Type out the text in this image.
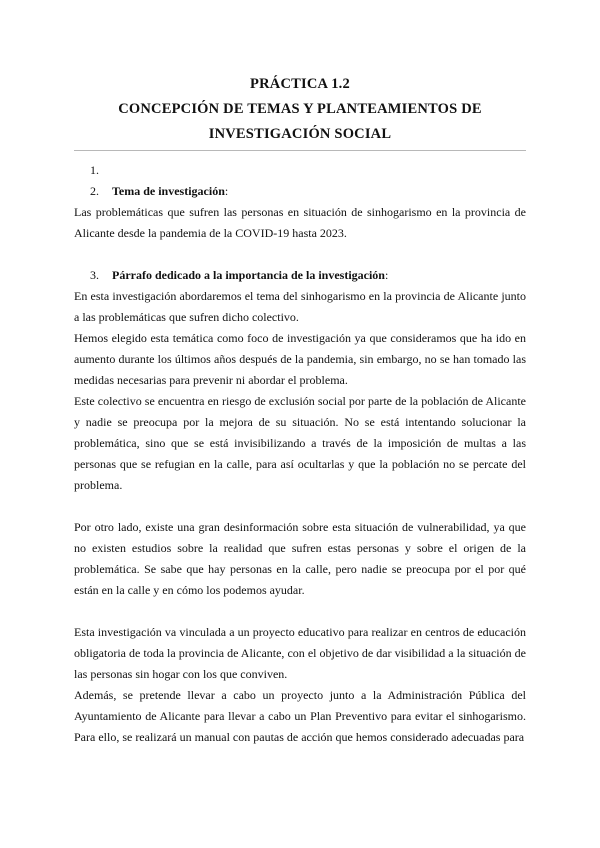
PRÁCTICA 1.2
CONCEPCIÓN DE TEMAS Y PLANTEAMIENTOS DE
INVESTIGACIÓN SOCIAL
1.
2. Tema de investigación:

Las problemáticas que sufren las personas en situación de sinhogarismo en la provincia de Alicante desde la pandemia de la COVID-19 hasta 2023.

3. Párrafo dedicado a la importancia de la investigación:

En esta investigación abordaremos el tema del sinhogarismo en la provincia de Alicante junto a las problemáticas que sufren dicho colectivo.

Hemos elegido esta temática como foco de investigación ya que consideramos que ha ido en aumento durante los últimos años después de la pandemia, sin embargo, no se han tomado las medidas necesarias para prevenir ni abordar el problema.

Este colectivo se encuentra en riesgo de exclusión social por parte de la población de Alicante y nadie se preocupa por la mejora de su situación. No se está intentando solucionar la problemática, sino que se está invisibilizando a través de la imposición de multas a las personas que se refugian en la calle, para así ocultarlas y que la población no se percate del problema.

Por otro lado, existe una gran desinformación sobre esta situación de vulnerabilidad, ya que no existen estudios sobre la realidad que sufren estas personas y sobre el origen de la problemática. Se sabe que hay personas en la calle, pero nadie se preocupa por el por qué están en la calle y en cómo los podemos ayudar.

Esta investigación va vinculada a un proyecto educativo para realizar en centros de educación obligatoria de toda la provincia de Alicante, con el objetivo de dar visibilidad a la situación de las personas sin hogar con los que conviven.

Además, se pretende llevar a cabo un proyecto junto a la Administración Pública del Ayuntamiento de Alicante para llevar a cabo un Plan Preventivo para evitar el sinhogarismo. Para ello, se realizará un manual con pautas de acción que hemos considerado adecuadas para
